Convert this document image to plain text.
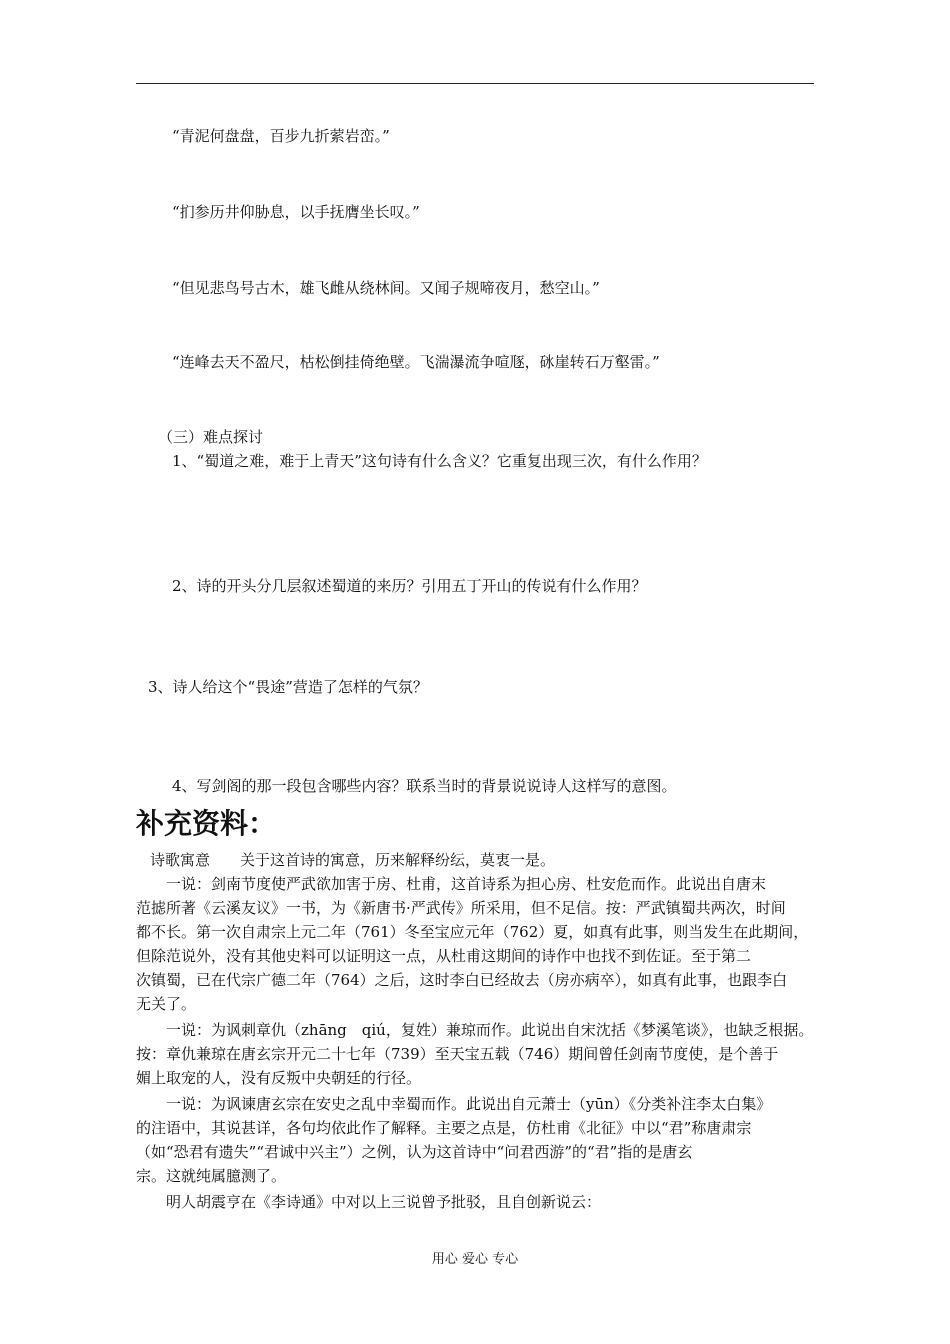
“青泥何盘盘，百步九折萦岩峦。”
“扪参历井仰胁息，以手抚膺坐长叹。”
“但见悲鸟号古木，雄飞雌从绕林间。又闻子规啼夜月，愁空山。”
“连峰去天不盈尺，枯松倒挂倚绝壁。飞湍瀑流争喧豗，砯崖转石万壑雷。”
（三）难点探讨
1、“蜀道之难，难于上青天”这句诗有什么含义？它重复出现三次，有什么作用？
2、诗的开头分几层叙述蜀道的来历？引用五丁开山的传说有什么作用？
3、诗人给这个“畏途”营造了怎样的气氛？
4、写剑阁的那一段包含哪些内容？联系当时的背景说说诗人这样写的意图。
补充资料：
诗歌寓意　　关于这首诗的寓意，历来解释纷纭，莫衷一是。
　　一说：剑南节度使严武欲加害于房、杜甫，这首诗系为担心房、杜安危而作。此说出自唐末
范摅所著《云溪友议》一书，为《新唐书·严武传》所采用，但不足信。按：严武镇蜀共两次，时间
都不长。第一次自肃宗上元二年（761）冬至宝应元年（762）夏，如真有此事，则当发生在此期间，
但除范说外，没有其他史料可以证明这一点，从杜甫这期间的诗作中也找不到佐证。至于第二
次镇蜀，已在代宗广德二年（764）之后，这时李白已经故去（房亦病卒），如真有此事，也跟李白
无关了。
　　一说：为讽刺章仇（zhāng　qiú，复姓）兼琼而作。此说出自宋沈括《梦溪笔谈》，也缺乏根据。
按：章仇兼琼在唐玄宗开元二十七年（739）至天宝五载（746）期间曾任剑南节度使，是个善于
媚上取宠的人，没有反叛中央朝廷的行径。
　　一说：为讽谏唐玄宗在安史之乱中幸蜀而作。此说出自元萧士（yūn）《分类补注李太白集》
的注语中，其说甚详，各句均依此作了解释。主要之点是，仿杜甫《北征》中以“君”称唐肃宗
（如“恐君有遗失”“君诚中兴主”）之例，认为这首诗中“问君西游”的“君”指的是唐玄
宗。这就纯属臆测了。
　　明人胡震亨在《李诗通》中对以上三说曾予批驳，且自创新说云：
用心 爱心 专心
